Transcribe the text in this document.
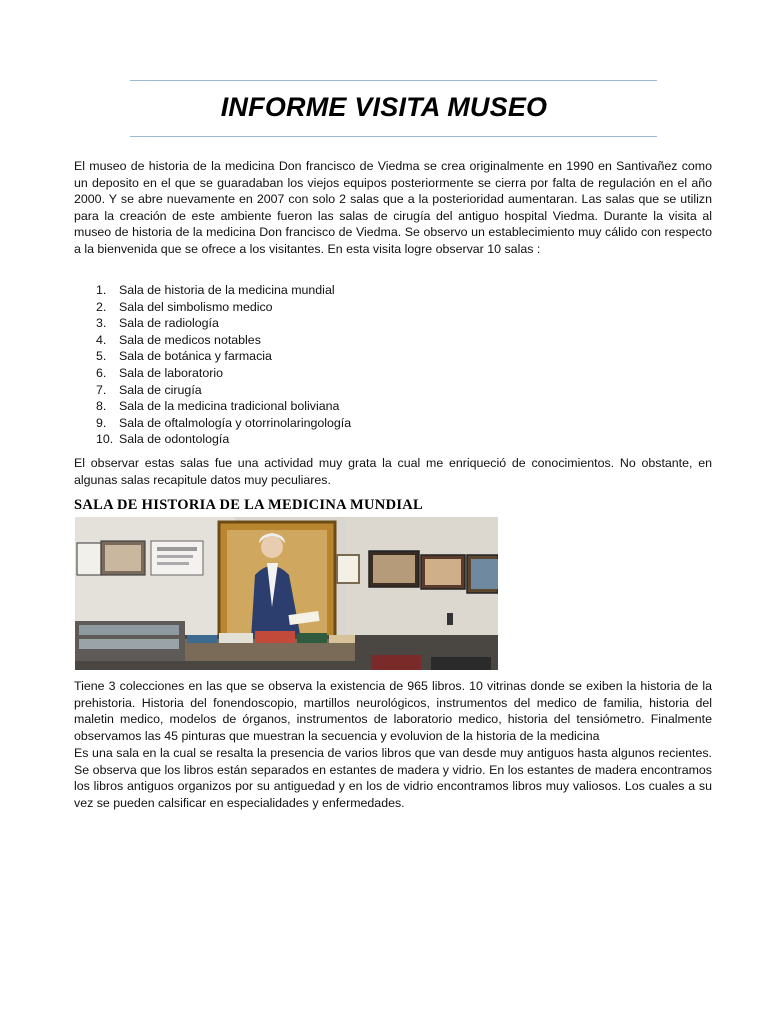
INFORME VISITA MUSEO

El museo de historia de la medicina Don francisco de Viedma se crea originalmente en 1990 en Santivañez como un deposito en el que se guaradaban los viejos equipos posteriormente se cierra por falta de regulación en el año 2000. Y se abre nuevamente en 2007 con solo 2 salas que a la posterioridad aumentaran. Las salas que se utilizn para la creación de este ambiente fueron las salas de cirugía del antiguo hospital Viedma. Durante la visita al museo de historia de la medicina Don francisco de Viedma. Se observo un establecimiento muy cálido con respecto a la bienvenida que se ofrece a los visitantes. En esta visita logre observar 10 salas :

1.	Sala de historia de la medicina mundial
2.	Sala del simbolismo medico
3.	Sala de radiología
4.	Sala de medicos notables
5.	Sala de botánica y farmacia
6.	Sala de laboratorio
7.	Sala de cirugía
8.	Sala de la medicina tradicional boliviana
9.	Sala de oftalmología y otorrinolaringología
10. Sala de odontología

El observar estas salas fue una actividad muy grata la cual me enriqueció de conocimientos. No obstante, en algunas salas recapitule datos muy peculiares.

SALA DE HISTORIA DE LA MEDICINA MUNDIAL

Tiene 3 colecciones en las que se observa la existencia de 965 libros. 10 vitrinas donde se exiben la historia de la prehistoria. Historia del fonendoscopio, martillos neurológicos, instrumentos del medico de familia, historia del maletin medico, modelos de órganos, instrumentos de laboratorio medico, historia del tensiómetro. Finalmente observamos las 45 pinturas que muestran la secuencia y evoluvion de la historia de la medicina

Es una sala en la cual se resalta la presencia de varios libros que van desde muy antiguos hasta algunos recientes. Se observa que los libros están separados en estantes de madera y vidrio. En los estantes de madera encontramos los libros antiguos organizos por su antiguedad y en los de vidrio encontramos libros muy valiosos. Los cuales a su vez se pueden calsificar en especialidades y enfermedades.
